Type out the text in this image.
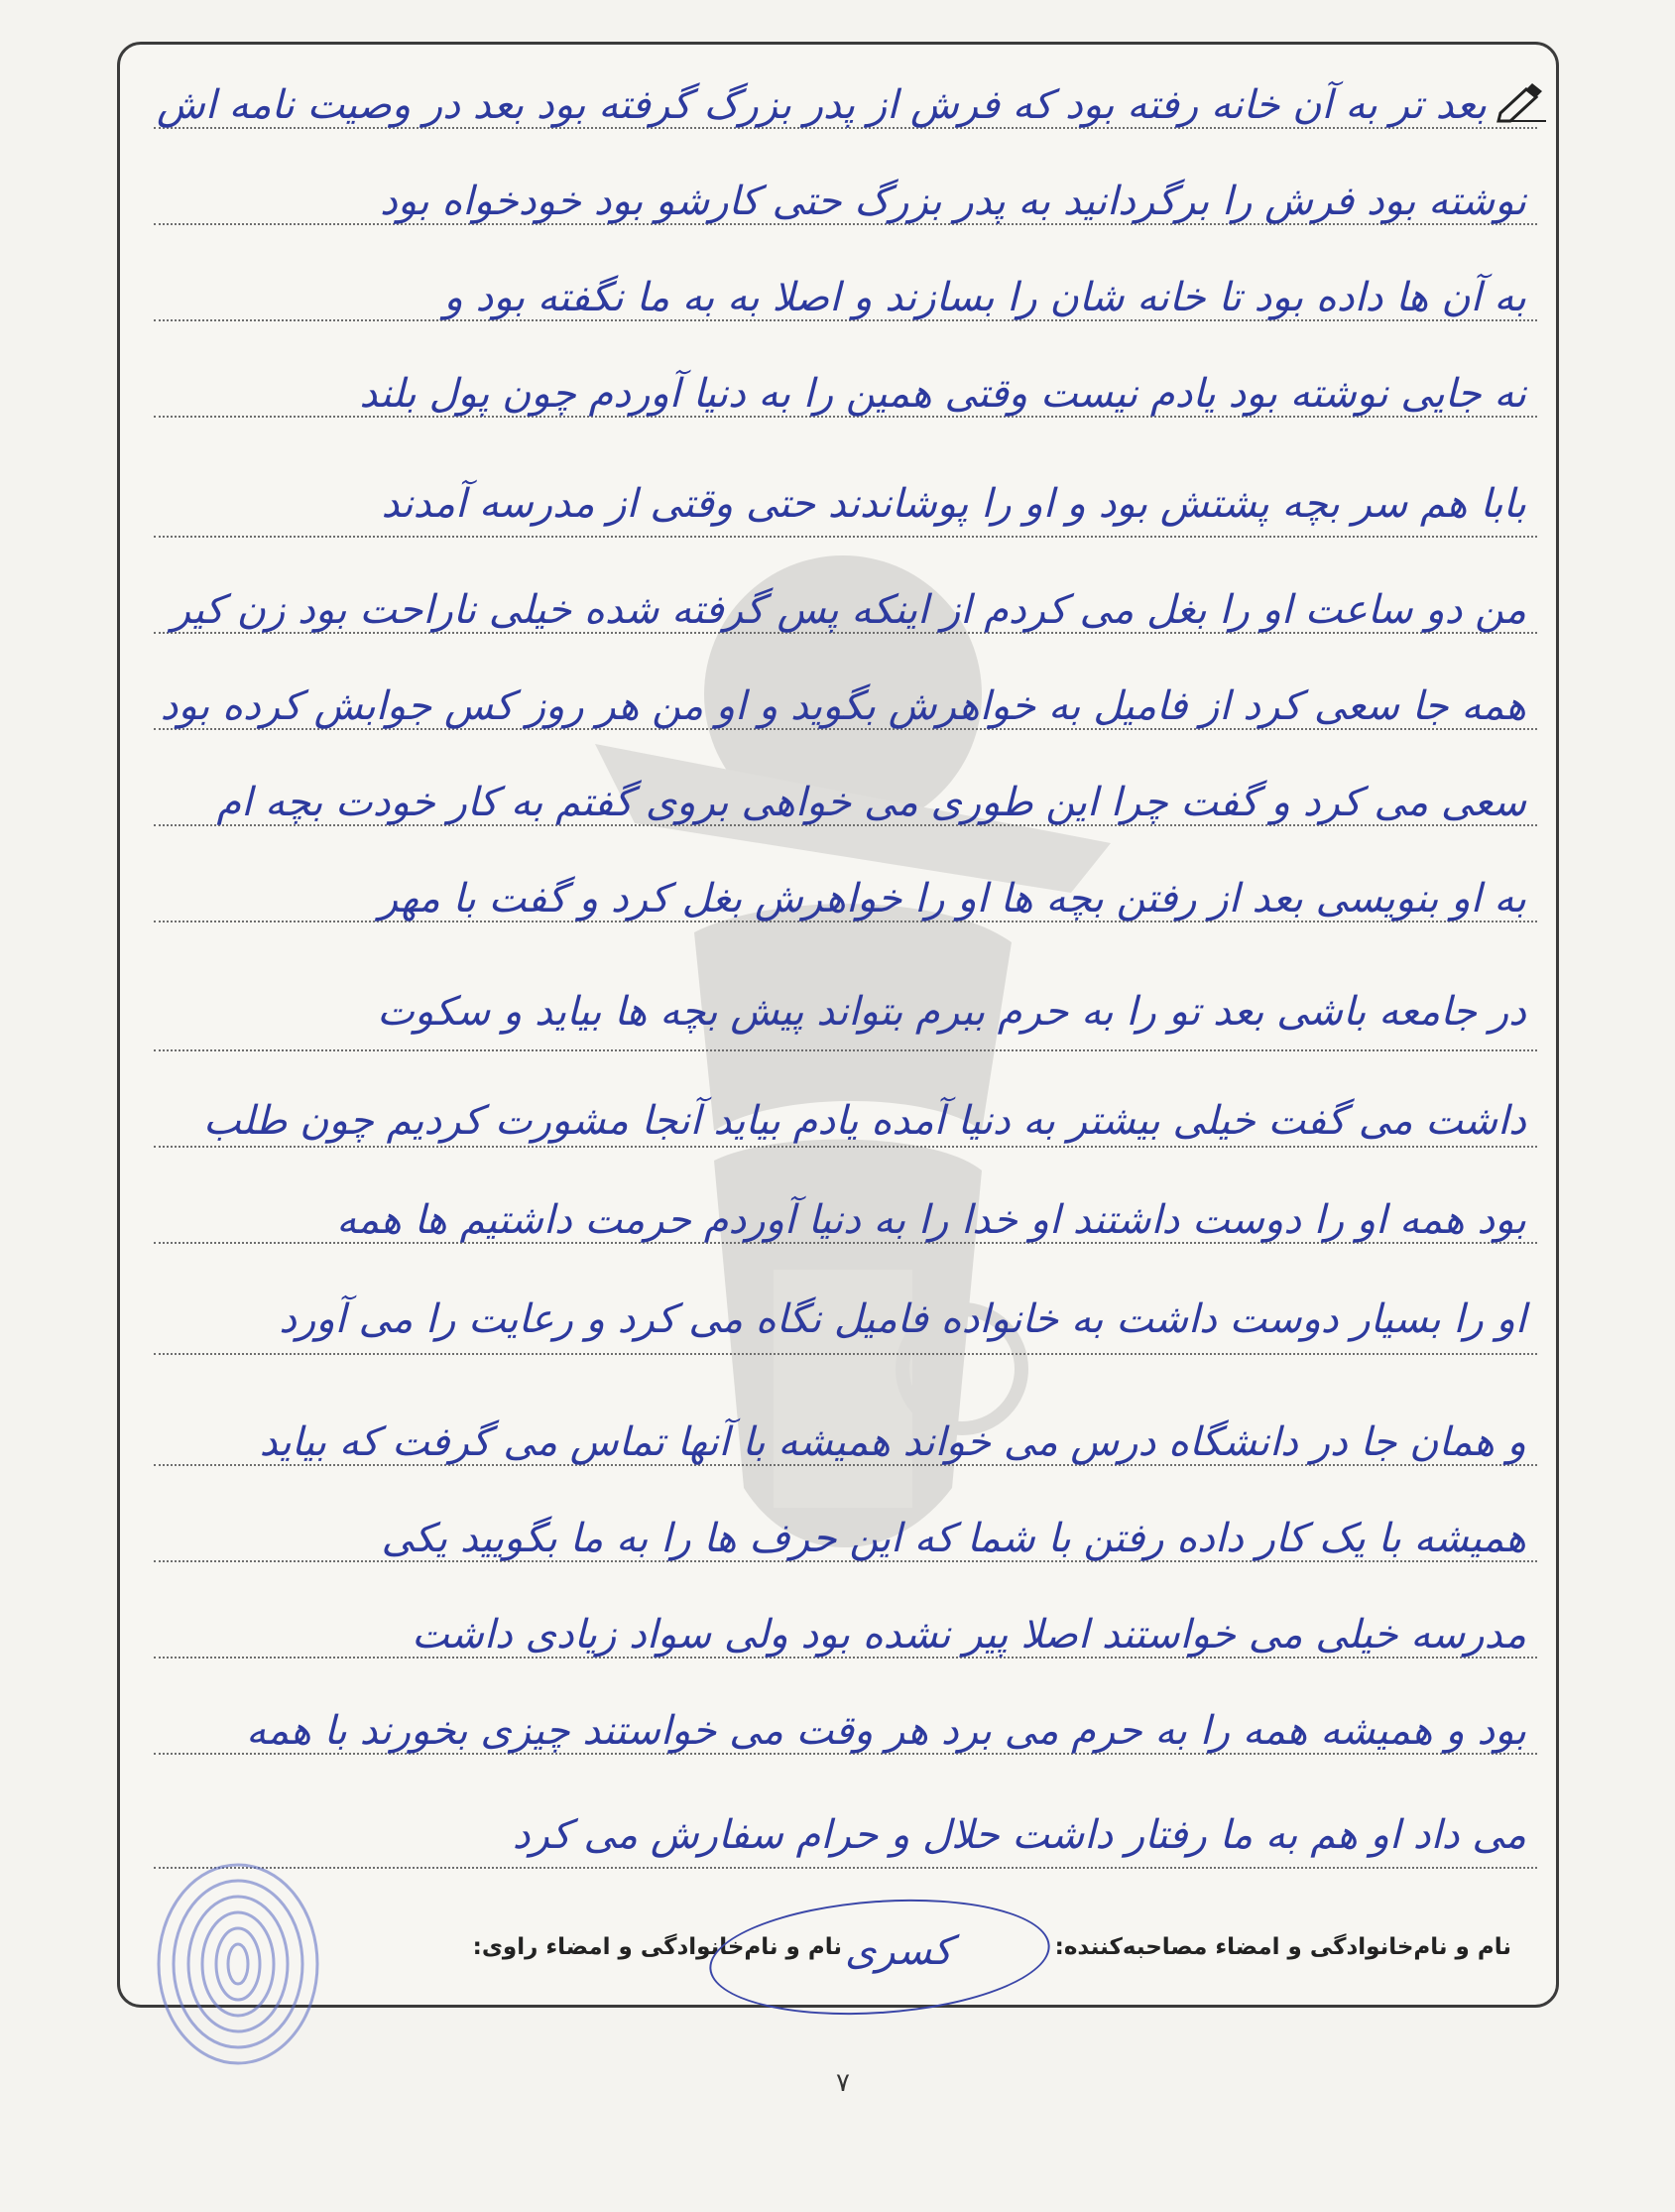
بعد تر به آن خانه رفته بود که فرش از پدر بزرگ گرفته بود بعد در وصیت نامه اش
نوشته بود فرش را برگردانید به پدر بزرگ حتی کارشو بود خودخواه بود
به آن ها داده بود تا خانه شان را بسازند و اصلا به به ما نگفته بود و
نه جایی نوشته بود یادم نیست وقتی همین را به دنیا آوردم چون پول بلند
بابا هم سر بچه پشتش بود و او را پوشاندند حتی وقتی از مدرسه آمدند
من دو ساعت او را بغل می کردم از اینکه پس گرفته شده خیلی ناراحت بود زن کیر
همه جا سعی کرد از فامیل به خواهرش بگوید و او من هر روز کس جوابش کرده بود
سعی می کرد و گفت چرا این طوری می خواهی بروی گفتم به کار خودت بچه ام
به او بنویسی بعد از رفتن بچه ها او را خواهرش بغل کرد و گفت با مهر
در جامعه باشی بعد تو را به حرم ببرم بتواند پیش بچه ها بیاید و سکوت
داشت می گفت خیلی بیشتر به دنیا آمده یادم بیاید آنجا مشورت کردیم چون طلب
بود همه او را دوست داشتند او خدا را به دنیا آوردم حرمت داشتیم ها همه
او را بسیار دوست داشت به خانواده فامیل نگاه می کرد و رعایت را می آورد
و همان جا در دانشگاه درس می خواند همیشه با آنها تماس می گرفت که بیاید
همیشه با یک کار داده رفتن با شما که این حرف ها را به ما بگویید یکی
مدرسه خیلی می خواستند اصلا پیر نشده بود ولی سواد زیادی داشت
بود و همیشه همه را به حرم می برد هر وقت می خواستند چیزی بخورند با همه
می داد او هم به ما رفتار داشت حلال و حرام سفارش می کرد
نام و نام‌خانوادگی و امضاء مصاحبه‌کننده:
نام و نام‌خانوادگی و امضاء راوی: کسری
۷
